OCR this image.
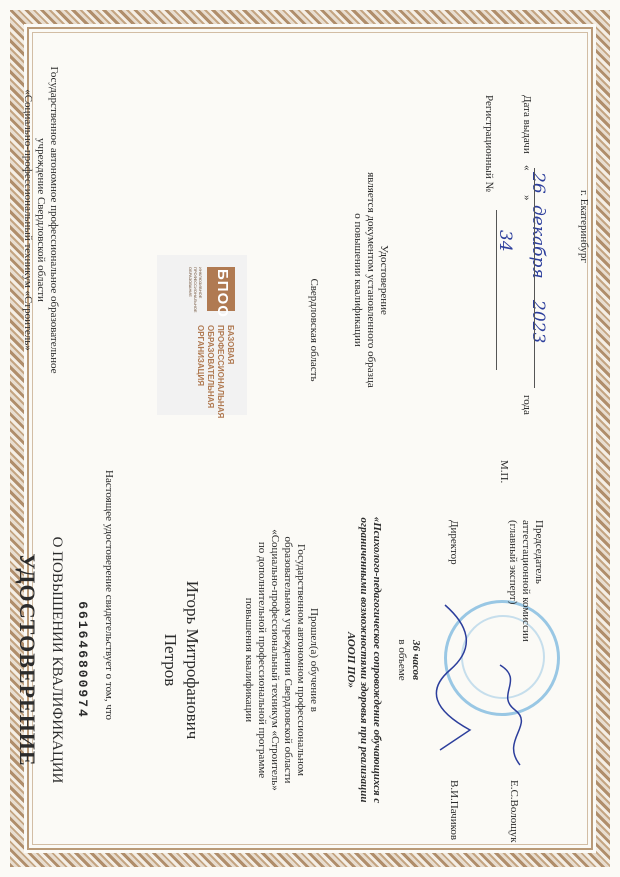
Государственное автономное профессиональное образовательное
учреждение Свердловской области
«Социально-профессиональный техникум «Строитель»	БПОО
ИНКЛЮЗИВНОЕ
ПРОФЕССИОНАЛЬНОЕ
ОБРАЗОВАНИЕ
БАЗОВАЯ
ПРОФЕССИОНАЛЬНАЯ
ОБРАЗОВАТЕЛЬНАЯ
ОРГАНИЗАЦИЯ	Свердловская область	Удостоверение
является документом установленного образца
о повышении квалификации
Регистрационный №
34
Дата выдачи
«
26
»
декабря
2023
года
г. Екатеринбург
УДОСТОВЕРЕНИЕ О ПОВЫШЕНИИ КВАЛИФИКАЦИИ 661646800974 Настоящее удостоверение свидетельствует о том, что	Петров Игорь Митрофанович	Прошел(а) обучение в
Государственном автономном профессиональном
образовательном учреждении Свердловской области
«Социально-профессиональный техникум «Строитель»
по дополнительной профессиональной программе
повышения квалификации	«Психолого-педагогическое сопровождение обучающихся с
ограниченными возможностями здоровья при реализации
АООП ПО»	в объеме 36 часов
Директор
В.И.Пачиков
М.П.
Председатель
аттестационной комиссии
(главный эксперт)
Е.С.Волощук
